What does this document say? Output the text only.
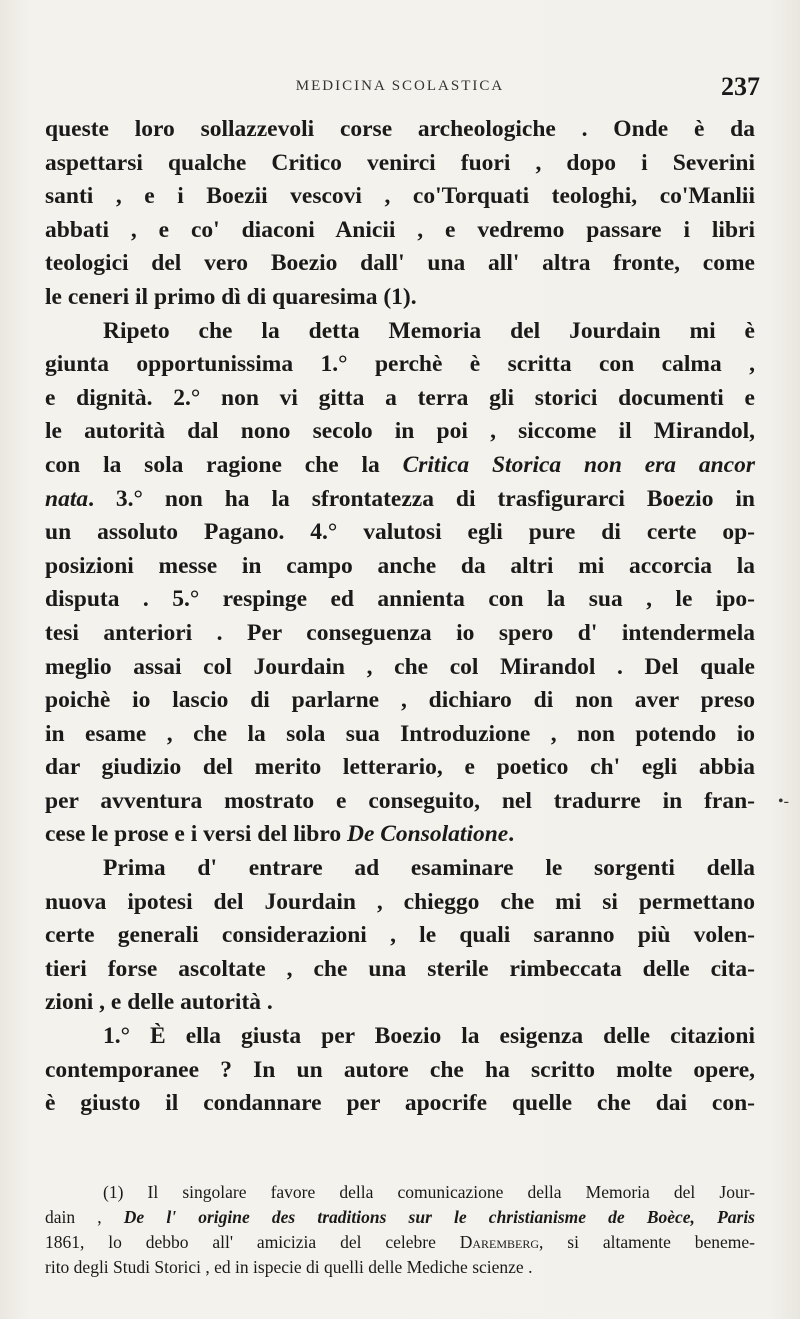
MEDICINA SCOLASTICA	237
queste loro sollazzevoli corse archeologiche . Onde è da
aspettarsi qualche Critico venirci fuori , dopo i Severini
santi , e i Boezii vescovi , co'Torquati teologhi, co'Manlii
abbati , e co' diaconi Anicii , e vedremo passare i libri
teologici del vero Boezio dall' una all' altra fronte, come
le ceneri il primo dì di quaresima (1).
Ripeto che la detta Memoria del Jourdain mi è
giunta opportunissima 1.° perchè è scritta con calma ,
e dignità. 2.° non vi gitta a terra gli storici documenti e
le autorità dal nono secolo in poi , siccome il Mirandol,
con la sola ragione che la Critica Storica non era ancor
nata. 3.° non ha la sfrontatezza di trasfigurarci Boezio in
un assoluto Pagano. 4.° valutosi egli pure di certe op-
posizioni messe in campo anche da altri mi accorcia la
disputa . 5.° respinge ed annienta con la sua , le ipo-
tesi anteriori . Per conseguenza io spero d' intendermela
meglio assai col Jourdain , che col Mirandol . Del quale
poichè io lascio di parlarne , dichiaro di non aver preso
in esame , che la sola sua Introduzione , non potendo io
dar giudizio del merito letterario, e poetico ch' egli abbia
per avventura mostrato e conseguito, nel tradurre in fran-
cese le prose e i versi del libro De Consolatione.
Prima d' entrare ad esaminare le sorgenti della
nuova ipotesi del Jourdain , chieggo che mi si permettano
certe generali considerazioni , le quali saranno più volen-
tieri forse ascoltate , che una sterile rimbeccata delle cita-
zioni , e delle autorità .
1.° È ella giusta per Boezio la esigenza delle citazioni
contemporanee ? In un autore che ha scritto molte opere,
è giusto il condannare per apocrife quelle che dai con-
•-
(1) Il singolare favore della comunicazione della Memoria del Jour-
dain , De l' origine des traditions sur le christianisme de Boèce, Paris
1861, lo debbo all' amicizia del celebre Daremberg, si altamente beneme-
rito degli Studi Storici , ed in ispecie di quelli delle Mediche scienze .
